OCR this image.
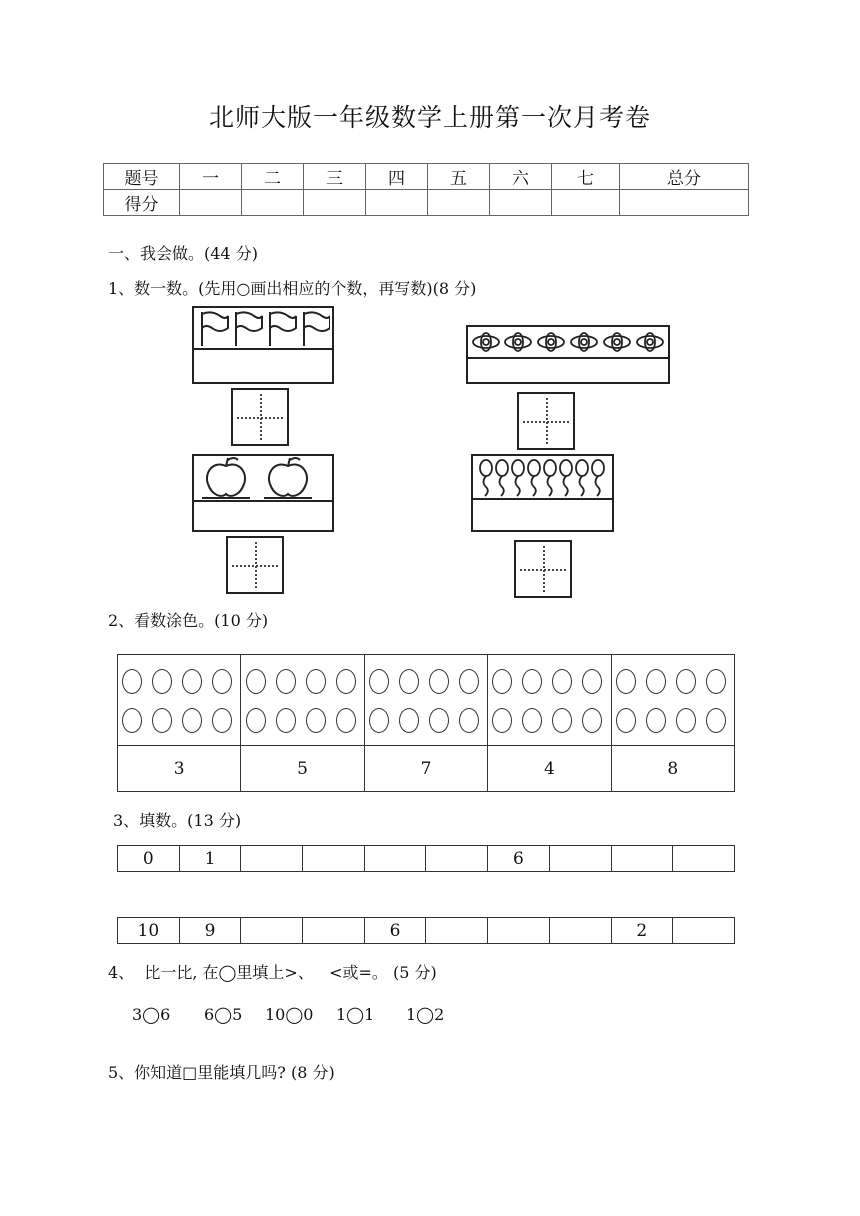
北师大版一年级数学上册第一次月考卷
题号	一	二	三	四	五	六	七	总分
得分								
一、我会做。(44 分)
1、数一数。(先用○画出相应的个数，再写数)(8 分)
2、看数涂色。(10 分)

3	5	7	4	8
3、填数。(13 分)
0	1					6			
10	9			6				2	
4、  比一比, 在◯里填上>、   <或=。 (5 分)
3◯6 6◯5 10◯0 1◯1 1◯2
5、你知道□里能填几吗? (8 分)
